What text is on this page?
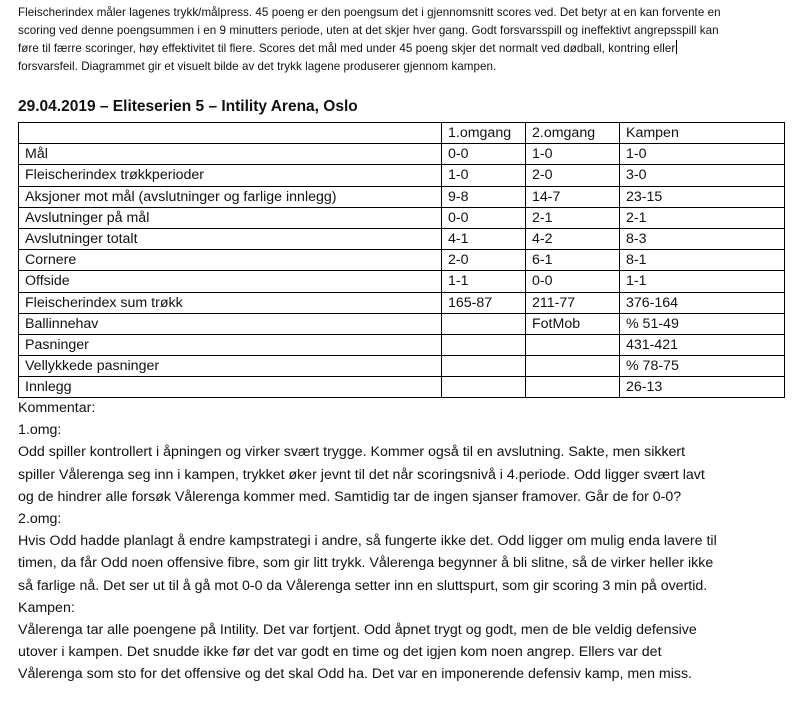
Fleischerindex måler lagenes trykk/målpress. 45 poeng er den poengsum det i gjennomsnitt scores ved. Det betyr at en kan forvente en
scoring ved denne poengsummen i en 9 minutters periode, uten at det skjer hver gang. Godt forsvarsspill og ineffektivt angrepsspill kan
føre til færre scoringer, høy effektivitet til flere. Scores det mål med under 45 poeng skjer det normalt ved dødball, kontring eller
forsvarsfeil. Diagrammet gir et visuelt bilde av det trykk lagene produserer gjennom kampen.
29.04.2019 – Eliteserien 5 – Intility Arena, Oslo
	1.omgang	2.omgang	Kampen
Mål	0-0	1-0	1-0
Fleischerindex trøkkperioder	1-0	2-0	3-0
Aksjoner mot mål (avslutninger og farlige innlegg)	9-8	14-7	23-15
Avslutninger på mål	0-0	2-1	2-1
Avslutninger totalt	4-1	4-2	8-3
Cornere	2-0	6-1	8-1
Offside	1-1	0-0	1-1
Fleischerindex sum trøkk	165-87	211-77	376-164
Ballinnehav		FotMob	% 51-49
Pasninger			431-421
Vellykkede pasninger			% 78-75
Innlegg			26-13

Kommentar:

1.omg:

Odd spiller kontrollert i åpningen og virker svært trygge. Kommer også til en avslutning. Sakte, men sikkert

spiller Vålerenga seg inn i kampen, trykket øker jevnt til det når scoringsnivå i 4.periode. Odd ligger svært lavt

og de hindrer alle forsøk Vålerenga kommer med. Samtidig tar de ingen sjanser framover. Går de for 0-0?

2.omg:

Hvis Odd hadde planlagt å endre kampstrategi i andre, så fungerte ikke det. Odd ligger om mulig enda lavere til

timen, da får Odd noen offensive fibre, som gir litt trykk. Vålerenga begynner å bli slitne, så de virker heller ikke

så farlige nå. Det ser ut til å gå mot 0-0 da Vålerenga setter inn en sluttspurt, som gir scoring 3 min på overtid.

Kampen:

Vålerenga tar alle poengene på Intility. Det var fortjent. Odd åpnet trygt og godt, men de ble veldig defensive

utover i kampen. Det snudde ikke før det var godt en time og det igjen kom noen angrep. Ellers var det

Vålerenga som sto for det offensive og det skal Odd ha. Det var en imponerende defensiv kamp, men miss.
